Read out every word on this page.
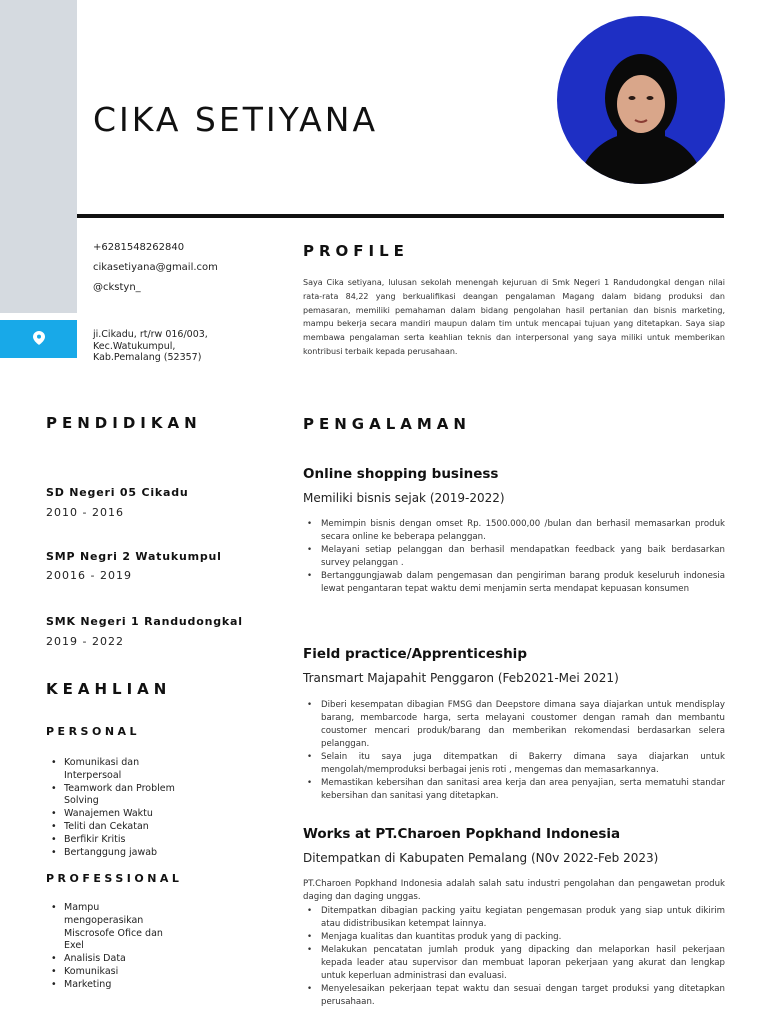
CIKA SETIYANA
+6281548262840
cikasetiyana@gmail.com
@ckstyn_
ji.Cikadu, rt/rw 016/003,
Kec.Watukumpul,
Kab.Pemalang (52357)
PROFILE

Saya Cika setiyana, lulusan sekolah menengah kejuruan di Smk Negeri 1 Randudongkal dengan nilai rata-rata 84,22 yang berkualifikasi deangan pengalaman Magang dalam bidang produksi dan pemasaran, memiliki pemahaman dalam bidang pengolahan hasil pertanian dan bisnis marketing, mampu bekerja secara mandiri maupun dalam tim untuk mencapai tujuan yang ditetapkan. Saya siap membawa pengalaman serta keahlian teknis dan interpersonal yang saya miliki untuk memberikan kontribusi terbaik kepada perusahaan.

PENDIDIKAN
SD Negeri 05 Cikadu
2010 - 2016
SMP Negri 2 Watukumpul
20016 - 2019
SMK Negeri 1 Randudongkal
2019 - 2022
KEAHLIAN
PERSONAL
• Komunikasi dan Interpersoal
• Teamwork dan Problem Solving
• Wanajemen Waktu
• Teliti dan Cekatan
• Berfikir Kritis
• Bertanggung jawab
PROFESSIONAL
• Mampu mengoperasikan Miscrosofe Ofice dan Exel
• Analisis Data
• Komunikasi
• Marketing
PENGALAMAN
Online shopping business
Memiliki bisnis sejak (2019-2022)
• Memimpin bisnis dengan omset Rp. 1500.000,00 /bulan dan berhasil memasarkan produk secara online ke beberapa pelanggan.
• Melayani setiap pelanggan dan berhasil mendapatkan feedback yang baik berdasarkan survey pelanggan .
• Bertanggungjawab dalam pengemasan dan pengiriman barang produk keseluruh indonesia lewat pengantaran tepat waktu demi menjamin serta mendapat kepuasan konsumen
Field practice/Apprenticeship
Transmart Majapahit Penggaron (Feb2021-Mei 2021)
• Diberi kesempatan dibagian FMSG dan Deepstore dimana saya diajarkan untuk mendisplay barang, membarcode harga, serta melayani coustomer dengan ramah dan membantu coustomer mencari produk/barang dan memberikan rekomendasi berdasarkan selera pelanggan.
• Selain itu saya juga ditempatkan di Bakerry dimana saya diajarkan untuk mengolah/memproduksi berbagai jenis roti , mengemas dan memasarkannya.
• Memastikan kebersihan dan sanitasi area kerja dan area penyajian, serta mematuhi standar kebersihan dan sanitasi yang ditetapkan.
Works at PT.Charoen Popkhand Indonesia
Ditempatkan di Kabupaten Pemalang (N0v 2022-Feb 2023)

PT.Charoen Popkhand Indonesia adalah salah satu industri pengolahan dan pengawetan produk daging dan daging unggas.

• Ditempatkan dibagian packing yaitu kegiatan pengemasan produk yang siap untuk dikirim atau didistribusikan ketempat lainnya.
• Menjaga kualitas dan kuantitas produk yang di packing.
• Melakukan pencatatan jumlah produk yang dipacking dan melaporkan hasil pekerjaan kepada leader atau supervisor dan membuat laporan pekerjaan yang akurat dan lengkap untuk keperluan administrasi dan evaluasi.
• Menyelesaikan pekerjaan tepat waktu dan sesuai dengan target produksi yang ditetapkan perusahaan.
